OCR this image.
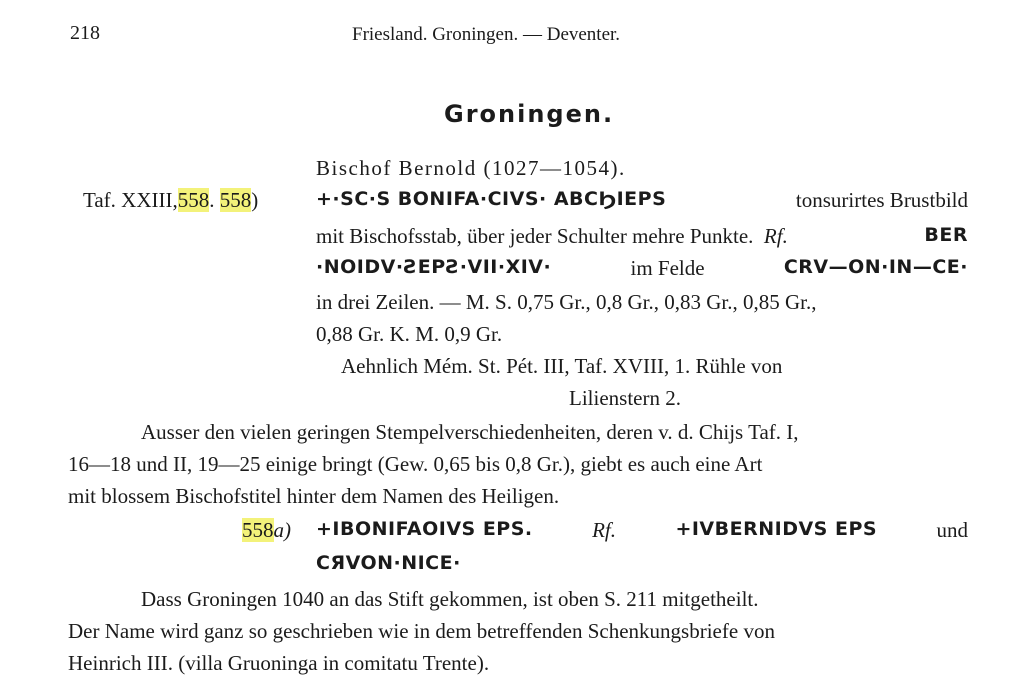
218	Friesland. Groningen. — Deventer.
Groningen.
Bischof Bernold (1027—1054).
Taf. XXIII,558. 558)	+·SC·S BONIFA·CIVS· ABCϦIEPS	tonsurirtes Brustbild
mit Bischofsstab, über jeder Schulter mehre Punkte. Rf.	BER
·NOIDV·ƧEPƧ·VII·XIV·	im Felde	CRV—ON·IN—CE·
in drei Zeilen. — M. S. 0,75 Gr., 0,8 Gr., 0,83 Gr., 0,85 Gr.,
0,88 Gr. K. M. 0,9 Gr.
Aehnlich Mém. St. Pét. III, Taf. XVIII, 1. Rühle von
Lilienstern 2.
Ausser den vielen geringen Stempelverschiedenheiten, deren v. d. Chijs Taf. I,
16—18 und II, 19—25 einige bringt (Gew. 0,65 bis 0,8 Gr.), giebt es auch eine Art
mit blossem Bischofstitel hinter dem Namen des Heiligen.
558a) +IBONIFAOIVS EPS.	Rf.	+IVBERNIDVS EPS	und
CЯVON·NICE·
Dass Groningen 1040 an das Stift gekommen, ist oben S. 211 mitgetheilt.
Der Name wird ganz so geschrieben wie in dem betreffenden Schenkungsbriefe von
Heinrich III. (villa Gruoninga in comitatu Trente).
